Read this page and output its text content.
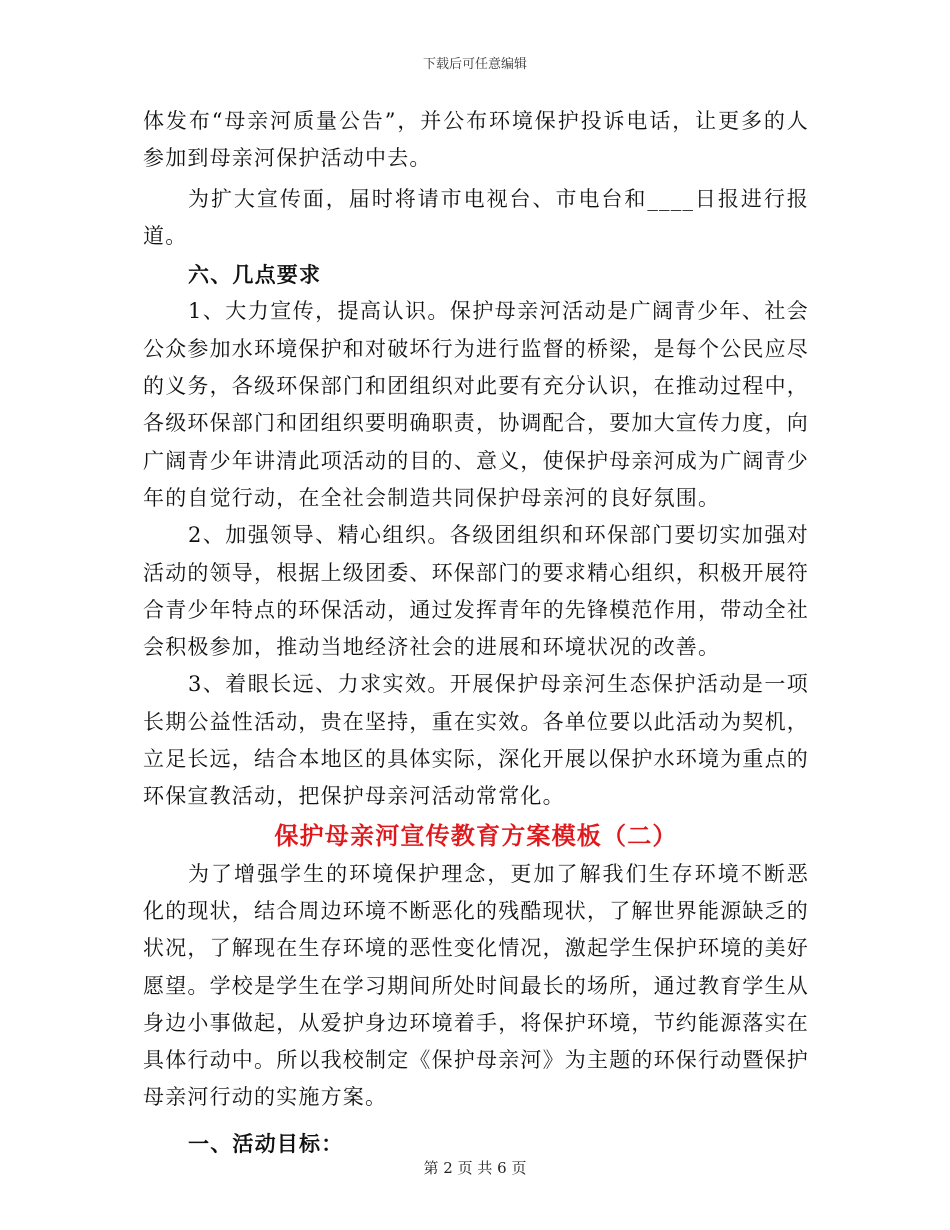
下载后可任意编辑

体发布“母亲河质量公告”，并公布环境保护投诉电话，让更多的人参加到母亲河保护活动中去。

为扩大宣传面，届时将请市电视台、市电台和____日报进行报道。

六、几点要求

1、大力宣传，提高认识。保护母亲河活动是广阔青少年、社会公众参加水环境保护和对破坏行为进行监督的桥梁，是每个公民应尽的义务，各级环保部门和团组织对此要有充分认识，在推动过程中，各级环保部门和团组织要明确职责，协调配合，要加大宣传力度，向广阔青少年讲清此项活动的目的、意义，使保护母亲河成为广阔青少年的自觉行动，在全社会制造共同保护母亲河的良好氛围。

2、加强领导、精心组织。各级团组织和环保部门要切实加强对活动的领导，根据上级团委、环保部门的要求精心组织，积极开展符合青少年特点的环保活动，通过发挥青年的先锋模范作用，带动全社会积极参加，推动当地经济社会的进展和环境状况的改善。

3、着眼长远、力求实效。开展保护母亲河生态保护活动是一项长期公益性活动，贵在坚持，重在实效。各单位要以此活动为契机，立足长远，结合本地区的具体实际，深化开展以保护水环境为重点的环保宣教活动，把保护母亲河活动常常化。

保护母亲河宣传教育方案模板（二）

为了增强学生的环境保护理念，更加了解我们生存环境不断恶化的现状，结合周边环境不断恶化的残酷现状，了解世界能源缺乏的状况，了解现在生存环境的恶性变化情况，激起学生保护环境的美好愿望。学校是学生在学习期间所处时间最长的场所，通过教育学生从身边小事做起，从爱护身边环境着手，将保护环境，节约能源落实在具体行动中。所以我校制定《保护母亲河》为主题的环保行动暨保护母亲河行动的实施方案。

一、活动目标：

第 2 页 共 6 页
